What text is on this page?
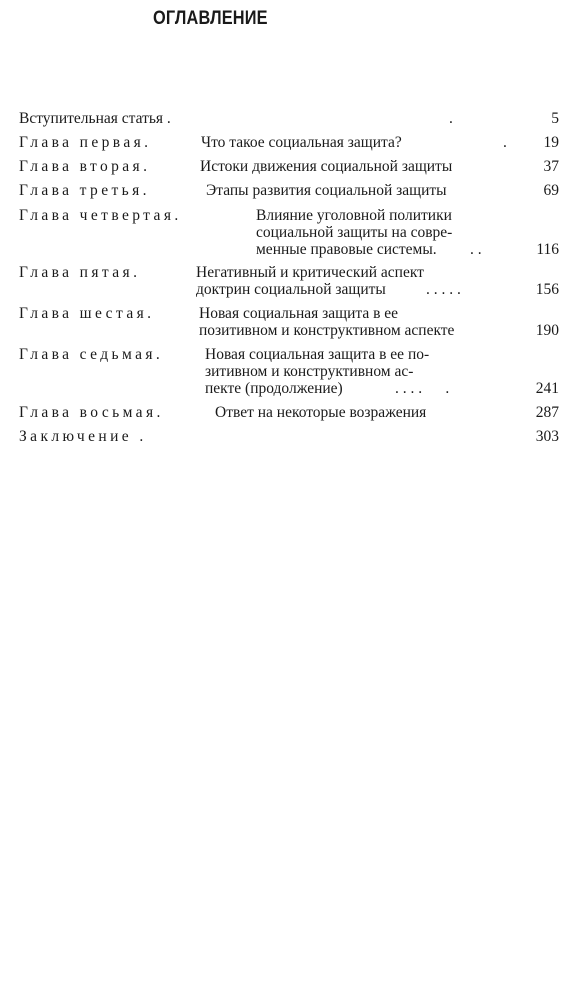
ОГЛАВЛЕНИЕ
Вступительная статья .	.	5
Глава первая.	Что такое социальная защита?	. 19
Глава вторая.	Истоки движения социальной защиты	37
Глава третья.	Этапы развития социальной защиты	69
Глава четвертая.	Влияние уголовной политики
социальной защиты на совре-
менные правовые системы. . .	116
Глава пятая.	Негативный и критический аспект
доктрин социальной защиты	. . . . .	156
Глава шестая.	Новая социальная защита в ее
позитивном и конструктивном аспекте	190
Глава седьмая.	Новая социальная защита в ее по-
зитивном и конструктивном ас-
пекте (продолжение)	. . . .      .	241
Глава восьмая.	Ответ на некоторые возражения	287
Заключение .	303
